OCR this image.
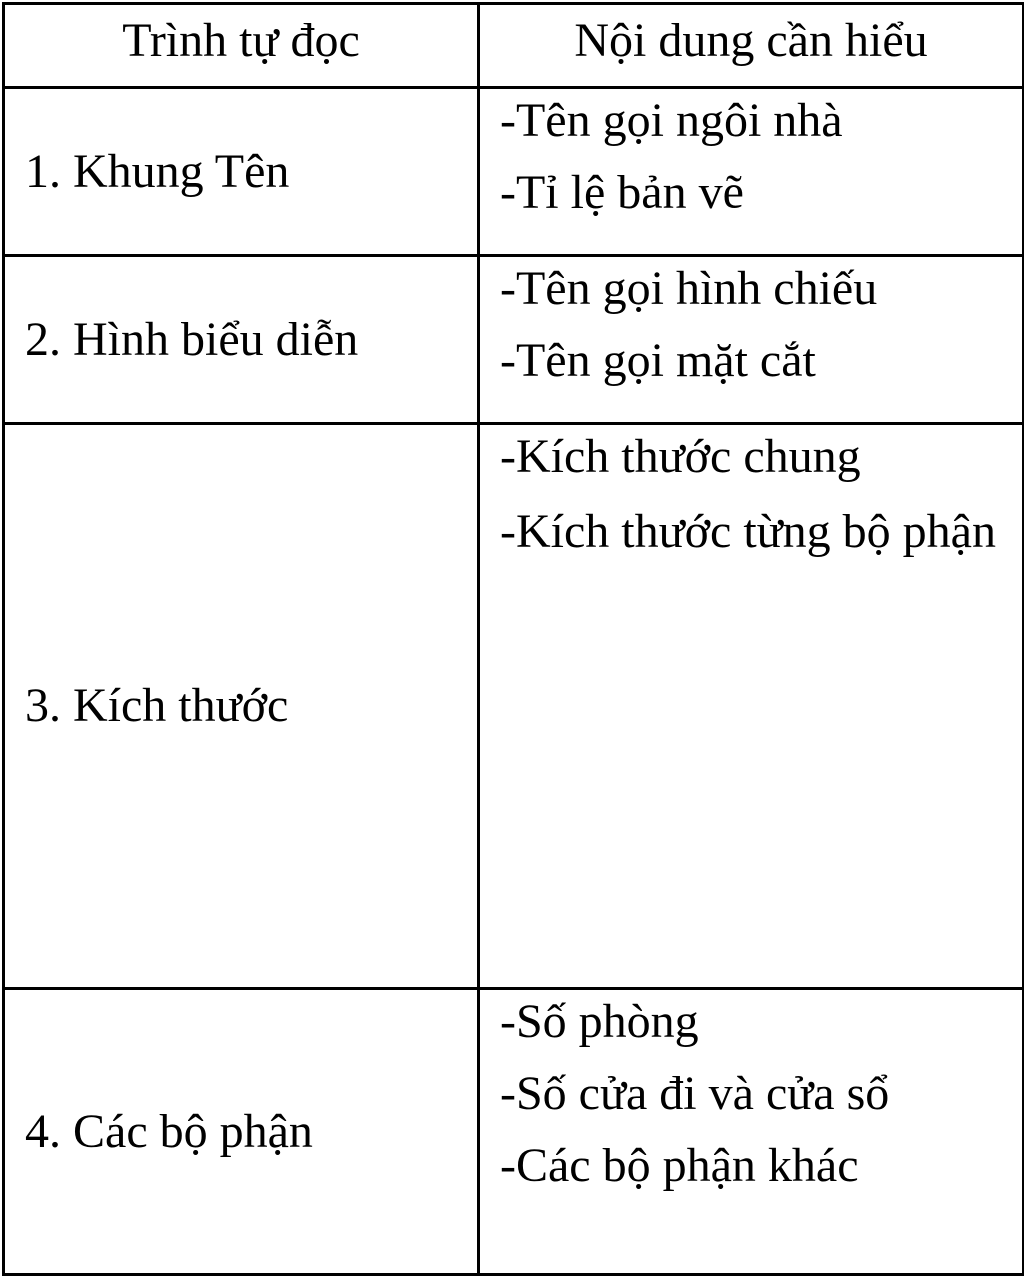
Trình tự đọc	Nội dung cần hiểu
1. Khung Tên	-Tên gọi ngôi nhà
-Tỉ lệ bản vẽ

2. Hình biểu diễn	-Tên gọi hình chiếu
-Tên gọi mặt cắt

3. Kích thước	-Kích thước chung
-Kích thước từng bộ phận

4. Các bộ phận	-Số phòng
-Số cửa đi và cửa sổ
-Các bộ phận khác
